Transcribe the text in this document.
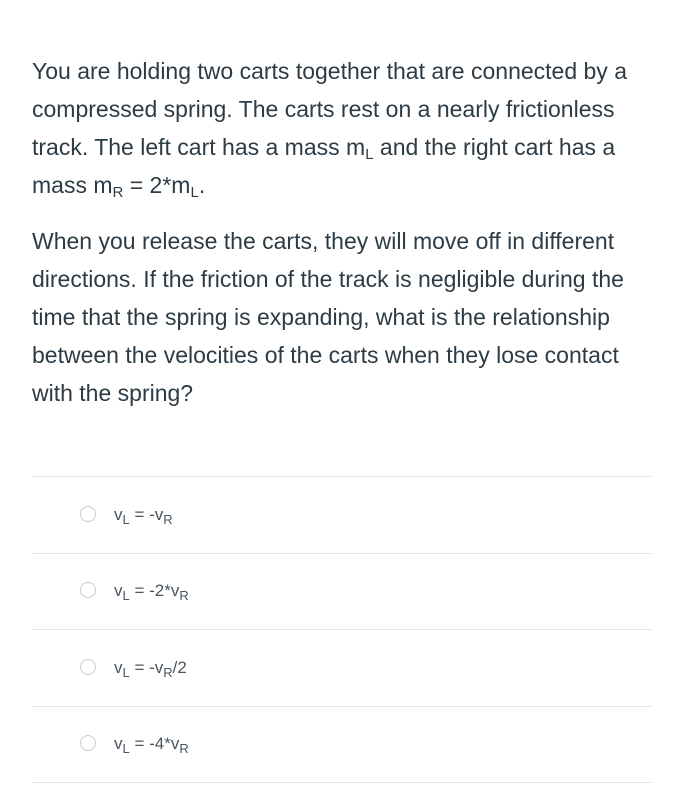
You are holding two carts together that are connected by a compressed spring. The carts rest on a nearly frictionless track. The left cart has a mass $m_L$ and the right cart has a mass $m_R = 2*m_L$.

When you release the carts, they will move off in different directions. If the friction of the track is negligible during the time that the spring is expanding, what is the relationship between the velocities of the carts when they lose contact with the spring?

$v_L = -v_R$
$v_L = -2*v_R$
$v_L = -v_R/2$
$v_L = -4*v_R$
